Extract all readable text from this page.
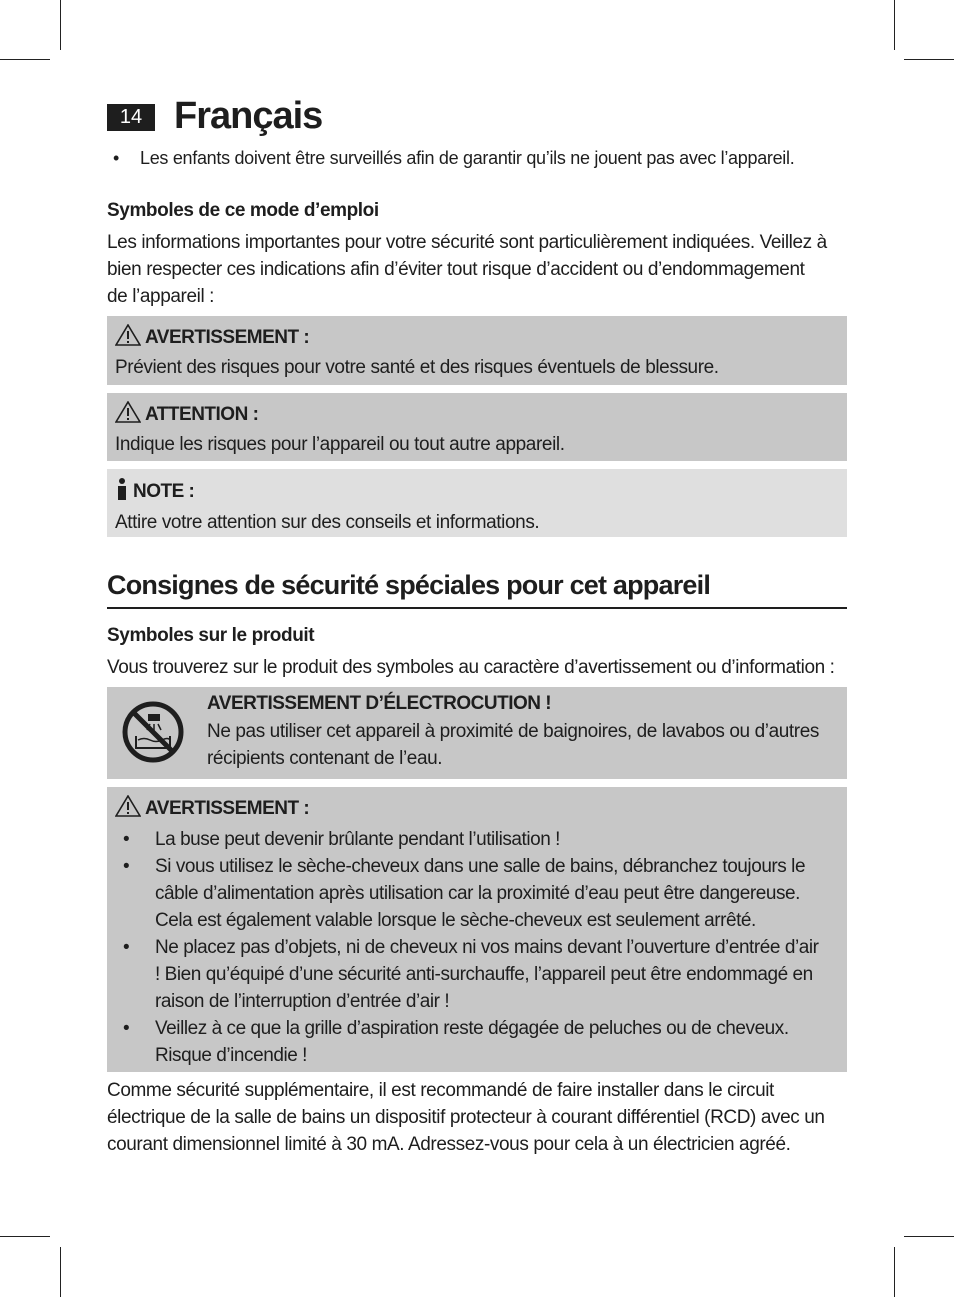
14 Français
• Les enfants doivent être surveillés afin de garantir qu’ils ne jouent pas avec l’appareil.
Symboles de ce mode d’emploi
Les informations importantes pour votre sécurité sont particulièrement indiquées. Veillez à
bien respecter ces indications afin d’éviter tout risque d’accident ou d’endommagement
de l’appareil :
AVERTISSEMENT :
Prévient des risques pour votre santé et des risques éventuels de blessure.
ATTENTION :
Indique les risques pour l’appareil ou tout autre appareil.
NOTE :
Attire votre attention sur des conseils et informations.
Consignes de sécurité spéciales pour cet appareil
Symboles sur le produit
Vous trouverez sur le produit des symboles au caractère d’avertissement ou d’information :
AVERTISSEMENT D’ÉLECTROCUTION !
Ne pas utiliser cet appareil à proximité de baignoires, de lavabos ou d’autres
récipients contenant de l’eau.
AVERTISSEMENT :
• La buse peut devenir brûlante pendant l’utilisation !
• Si vous utilisez le sèche-cheveux dans une salle de bains, débranchez toujours le
câble d’alimentation après utilisation car la proximité d’eau peut être dangereuse.
Cela est également valable lorsque le sèche-cheveux est seulement arrêté.
• Ne placez pas d’objets, ni de cheveux ni vos mains devant l’ouverture d’entrée d’air
! Bien qu’équipé d’une sécurité anti-surchauffe, l’appareil peut être endommagé en
raison de l’interruption d’entrée d’air !
• Veillez à ce que la grille d’aspiration reste dégagée de peluches ou de cheveux.
Risque d’incendie !
Comme sécurité supplémentaire, il est recommandé de faire installer dans le circuit
électrique de la salle de bains un dispositif protecteur à courant différentiel (RCD) avec un
courant dimensionnel limité à 30 mA. Adressez-vous pour cela à un électricien agréé.
